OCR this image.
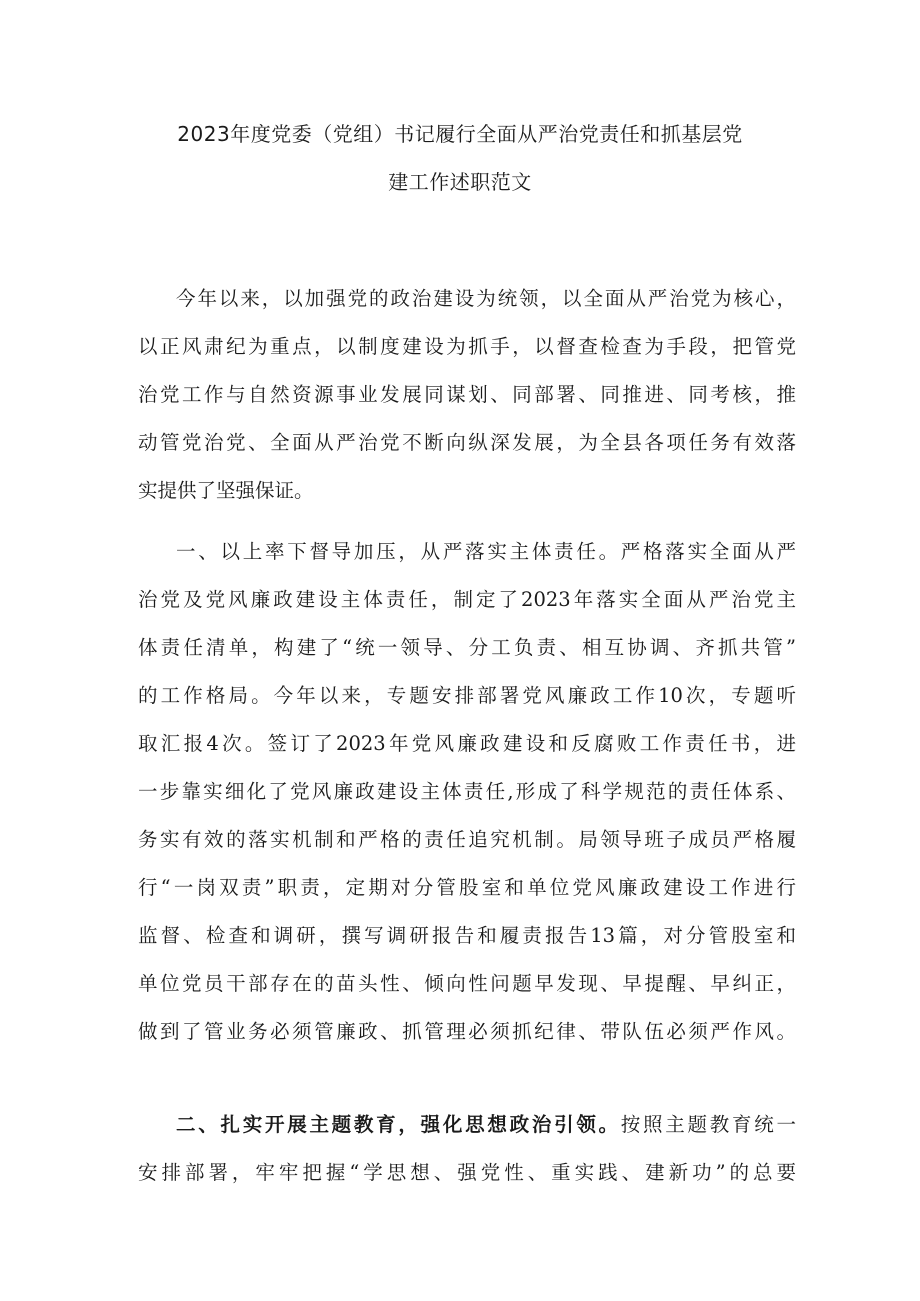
2023年度党委（党组）书记履行全面从严治党责任和抓基层党
建工作述职范文
今年以来，以加强党的政治建设为统领，以全面从严治党为核心，
以正风肃纪为重点，以制度建设为抓手，以督查检查为手段，把管党
治党工作与自然资源事业发展同谋划、同部署、同推进、同考核，推
动管党治党、全面从严治党不断向纵深发展，为全县各项任务有效落
实提供了坚强保证。
一、以上率下督导加压，从严落实主体责任。严格落实全面从严
治党及党风廉政建设主体责任，制定了2023年落实全面从严治党主
体责任清单，构建了“统一领导、分工负责、相互协调、齐抓共管”
的工作格局。今年以来，专题安排部署党风廉政工作10次，专题听
取汇报4次。签订了2023年党风廉政建设和反腐败工作责任书，进
一步靠实细化了党风廉政建设主体责任,形成了科学规范的责任体系、
务实有效的落实机制和严格的责任追究机制。局领导班子成员严格履
行“一岗双责”职责，定期对分管股室和单位党风廉政建设工作进行
监督、检查和调研，撰写调研报告和履责报告13篇，对分管股室和
单位党员干部存在的苗头性、倾向性问题早发现、早提醒、早纠正，
做到了管业务必须管廉政、抓管理必须抓纪律、带队伍必须严作风。
二、扎实开展主题教育，强化思想政治引领。按照主题教育统一
安排部署，牢牢把握“学思想、强党性、重实践、建新功”的总要
